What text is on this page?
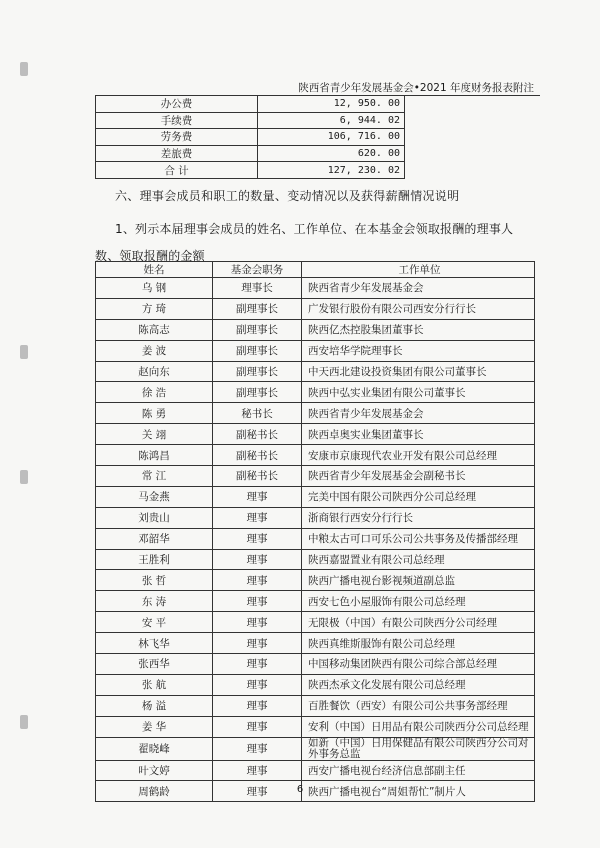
陕西省青少年发展基金会•2021 年度财务报表附注
办公费	12, 950. 00
手续费	6, 944. 02
劳务费	106, 716. 00
差旅费	620. 00
合 计	127, 230. 02
六、理事会成员和职工的数量、变动情况以及获得薪酬情况说明
1、列示本届理事会成员的姓名、工作单位、在本基金会领取报酬的理事人数、领取报酬的金额
姓名	基金会职务	工作单位
乌 钢	理事长	陕西省青少年发展基金会
方 琦	副理事长	广发银行股份有限公司西安分行行长
陈高志	副理事长	陕西亿杰控股集团董事长
姜 波	副理事长	西安培华学院理事长
赵向东	副理事长	中天西北建设投资集团有限公司董事长
徐 浩	副理事长	陕西中弘实业集团有限公司董事长
陈 勇	秘书长	陕西省青少年发展基金会
关 翊	副秘书长	陕西卓奥实业集团董事长
陈鸿昌	副秘书长	安康市京康现代农业开发有限公司总经理
常 江	副秘书长	陕西省青少年发展基金会副秘书长
马金燕	理事	完美中国有限公司陕西分公司总经理
刘贵山	理事	浙商银行西安分行行长
邓韶华	理事	中粮太古可口可乐公司公共事务及传播部经理
王胜利	理事	陕西嘉盟置业有限公司总经理
张 哲	理事	陕西广播电视台影视频道副总监
东 涛	理事	西安七色小屋服饰有限公司总经理
安 平	理事	无限极（中国）有限公司陕西分公司经理
林飞华	理事	陕西真维斯服饰有限公司总经理
张西华	理事	中国移动集团陕西有限公司综合部总经理
张 航	理事	陕西杰承文化发展有限公司总经理
杨 溢	理事	百胜餐饮（西安）有限公司公共事务部经理
姜 华	理事	安利（中国）日用品有限公司陕西分公司总经理
翟晓峰	理事	如新（中国）日用保健品有限公司陕西分公司对外事务总监
叶文婷	理事	西安广播电视台经济信息部副主任
周鹤龄	理事	陕西广播电视台“周姐帮忙”制片人
6
